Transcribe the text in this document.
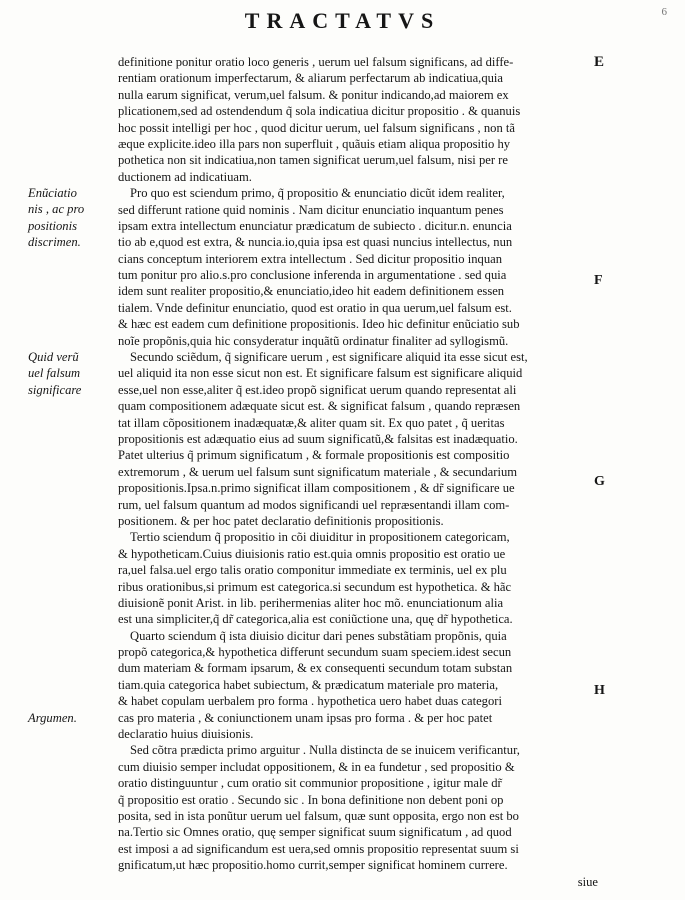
TRACTATVS	6
Enũciatio
nis , ac pro
positionis
discrimen.
Quid verũ
uel falsum
significare
Argumen.
E
F
G
H
definitione ponitur oratio loco generis , uerum uel falsum significans, ad diffe-
rentiam orationum imperfectarum, & aliarum perfectarum ab indicatiua,quia
nulla earum significat, verum,uel falsum. & ponitur indicando,ad maiorem ex
plicationem,sed ad ostendendum q̃ sola indicatiua dicitur propositio . & quanuis
hoc possit intelligi per hoc , quod dicitur uerum, uel falsum significans , non tã
æque explicite.ideo illa pars non superfluit , quãuis etiam aliqua propositio hy
pothetica non sit indicatiua,non tamen significat uerum,uel falsum, nisi per re
ductionem ad indicatiuam.
Pro quo est sciendum primo, q̃ propositio & enunciatio dicũt idem realiter,
sed differunt ratione quid nominis . Nam dicitur enunciatio inquantum penes
ipsam extra intellectum enunciatur prædicatum de subiecto . dicitur.n. enuncia
tio ab e,quod est extra, & nuncia.io,quia ipsa est quasi nuncius intellectus, nun
cians conceptum interiorem extra intellectum . Sed dicitur propositio inquan
tum ponitur pro alio.s.pro conclusione inferenda in argumentatione . sed quia
idem sunt realiter propositio,& enunciatio,ideo hit eadem definitionem essen
tialem. Vnde definitur enunciatio, quod est oratio in qua uerum,uel falsum est.
& hæc est eadem cum definitione propositionis. Ideo hic definitur enũciatio sub
noĩe propõnis,quia hic consyderatur inquãtũ ordinatur finaliter ad syllogismũ.
Secundo sciẽdum, q̃ significare uerum , est significare aliquid ita esse sicut est,
uel aliquid ita non esse sicut non est. Et significare falsum est significare aliquid
esse,uel non esse,aliter q̃ est.ideo propõ significat uerum quando representat ali
quam compositionem adæquate sicut est. & significat falsum , quando repræsen
tat illam cõpositionem inadæquatæ,& aliter quam sit. Ex quo patet , q̃ ueritas
propositionis est adæquatio eius ad suum significatũ,& falsitas est inadæquatio.
Patet ulterius q̃ primum significatum , & formale propositionis est compositio
extremorum , & uerum uel falsum sunt significatum materiale , & secundarium
propositionis.Ipsa.n.primo significat illam compositionem , & dr̃ significare ue
rum, uel falsum quantum ad modos significandi uel repræsentandi illam com-
positionem. & per hoc patet declaratio definitionis propositionis.
Tertio sciendum q̃ propositio in cõi diuiditur in propositionem categoricam,
& hypotheticam.Cuius diuisionis ratio est.quia omnis propositio est oratio ue
ra,uel falsa.uel ergo talis oratio componitur immediate ex terminis, uel ex plu
ribus orationibus,si primum est categorica.si secundum est hypothetica. & hãc
diuisionẽ ponit Arist. in lib. perihermenias aliter hoc mõ. enunciationum alia
est una simpliciter,q̃ dr̃ categorica,alia est coniũctione una, quę dr̃ hypothetica.
Quarto sciendum q̃ ista diuisio dicitur dari penes substãtiam propõnis, quia
propõ categorica,& hypothetica differunt secundum suam speciem.idest secun
dum materiam & formam ipsarum, & ex consequenti secundum totam substan
tiam.quia categorica habet subiectum, & prædicatum materiale pro materia,
& habet copulam uerbalem pro forma . hypothetica uero habet duas categori
cas pro materia , & coniunctionem unam ipsas pro forma . & per hoc patet
declaratio huius diuisionis.
Sed cõtra prædicta primo arguitur . Nulla distincta de se inuicem verificantur,
cum diuisio semper includat oppositionem, & in ea fundetur , sed propositio &
oratio distinguuntur , cum oratio sit communior propositione , igitur male dr̃
q̃ propositio est oratio . Secundo sic . In bona definitione non debent poni op
posita, sed in ista ponũtur uerum uel falsum, quæ sunt opposita, ergo non est bo
na.Tertio sic Omnes oratio, quę semper significat suum significatum , ad quod
est imposi a ad significandum est uera,sed omnis propositio representat suum si
gnificatum,ut hæc propositio.homo currit,semper significat hominem currere.
siue
